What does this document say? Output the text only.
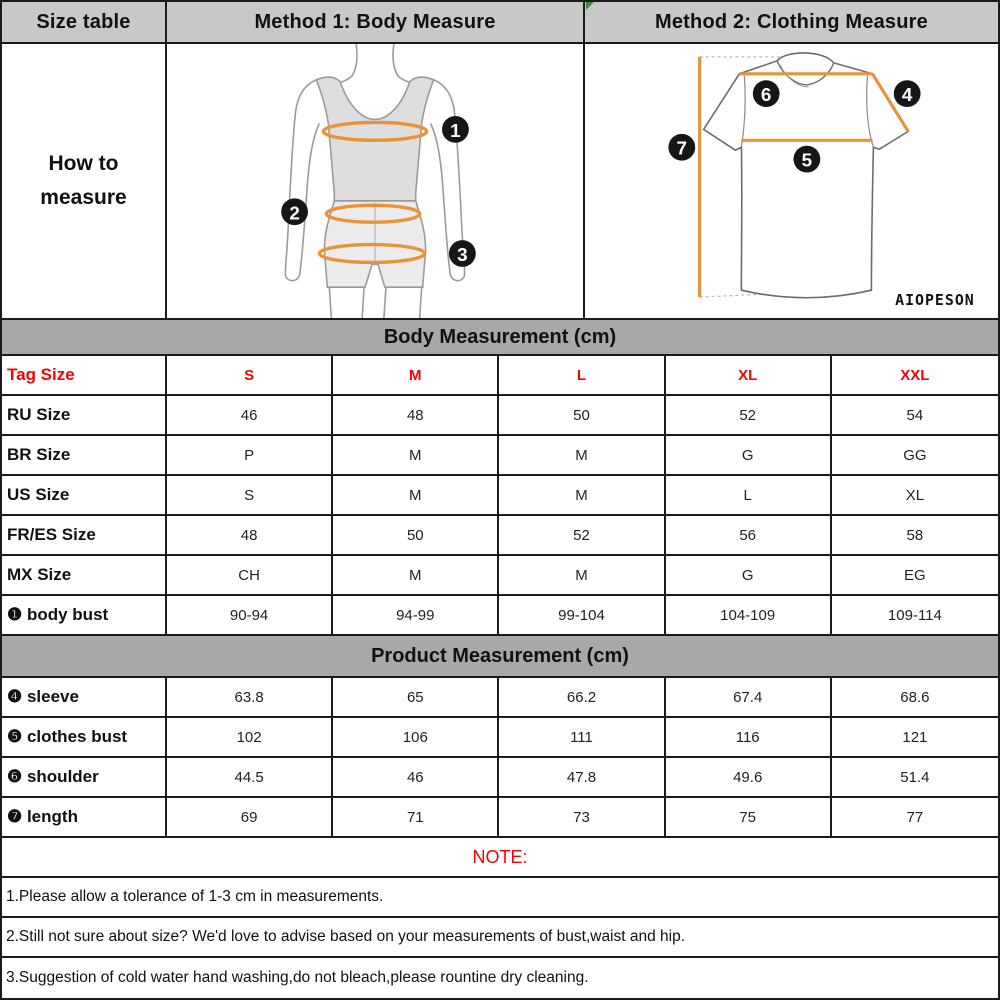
Size table	Method 1: Body Measure	Method 2: Clothing Measure
How to
measure
1
2
3
6	4
7
5
AIOPESON
Body Measurement (cm)
Tag Size	S	M	L	XL	XXL
RU Size	46	48	50	52	54
BR Size	P	M	M	G	GG
US Size	S	M	M	L	XL
FR/ES Size	48	50	52	56	58
MX Size	CH	M	M	G	EG
❶ body bust	90-94	94-99	99-104	104-109	109-114
Product Measurement (cm)
❹ sleeve	63.8	65	66.2	67.4	68.6
❺ clothes bust	102	106	111	116	121
❻ shoulder	44.5	46	47.8	49.6	51.4
❼ length	69	71	73	75	77
NOTE:
1.Please allow a tolerance of 1-3 cm in measurements.
2.Still not sure about size? We'd love to advise based on your measurements of bust,waist and hip.
3.Suggestion of cold water hand washing,do not bleach,please rountine dry cleaning.
